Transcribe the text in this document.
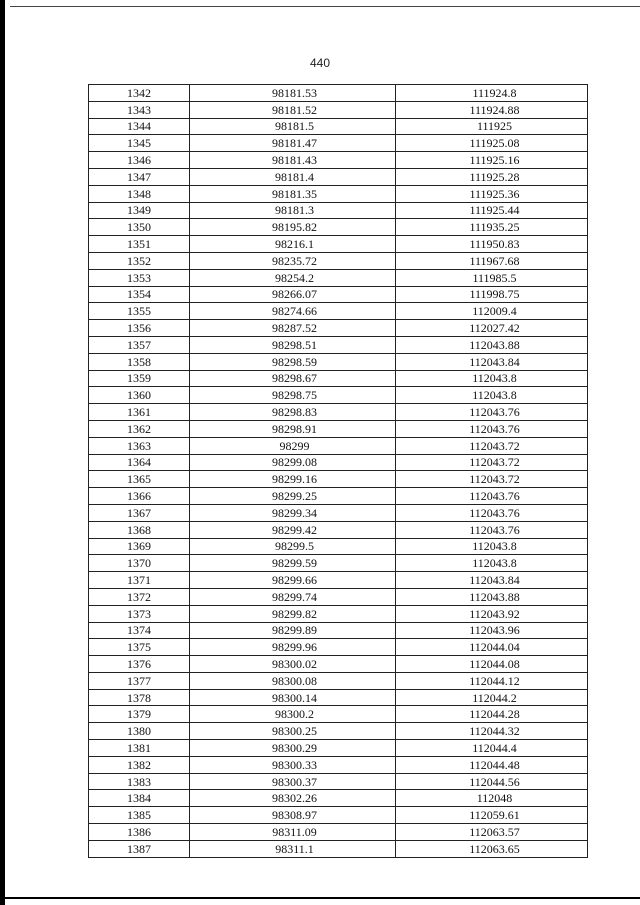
440
1342	98181.53	111924.8
1343	98181.52	111924.88
1344	98181.5	111925
1345	98181.47	111925.08
1346	98181.43	111925.16
1347	98181.4	111925.28
1348	98181.35	111925.36
1349	98181.3	111925.44
1350	98195.82	111935.25
1351	98216.1	111950.83
1352	98235.72	111967.68
1353	98254.2	111985.5
1354	98266.07	111998.75
1355	98274.66	112009.4
1356	98287.52	112027.42
1357	98298.51	112043.88
1358	98298.59	112043.84
1359	98298.67	112043.8
1360	98298.75	112043.8
1361	98298.83	112043.76
1362	98298.91	112043.76
1363	98299	112043.72
1364	98299.08	112043.72
1365	98299.16	112043.72
1366	98299.25	112043.76
1367	98299.34	112043.76
1368	98299.42	112043.76
1369	98299.5	112043.8
1370	98299.59	112043.8
1371	98299.66	112043.84
1372	98299.74	112043.88
1373	98299.82	112043.92
1374	98299.89	112043.96
1375	98299.96	112044.04
1376	98300.02	112044.08
1377	98300.08	112044.12
1378	98300.14	112044.2
1379	98300.2	112044.28
1380	98300.25	112044.32
1381	98300.29	112044.4
1382	98300.33	112044.48
1383	98300.37	112044.56
1384	98302.26	112048
1385	98308.97	112059.61
1386	98311.09	112063.57
1387	98311.1	112063.65
